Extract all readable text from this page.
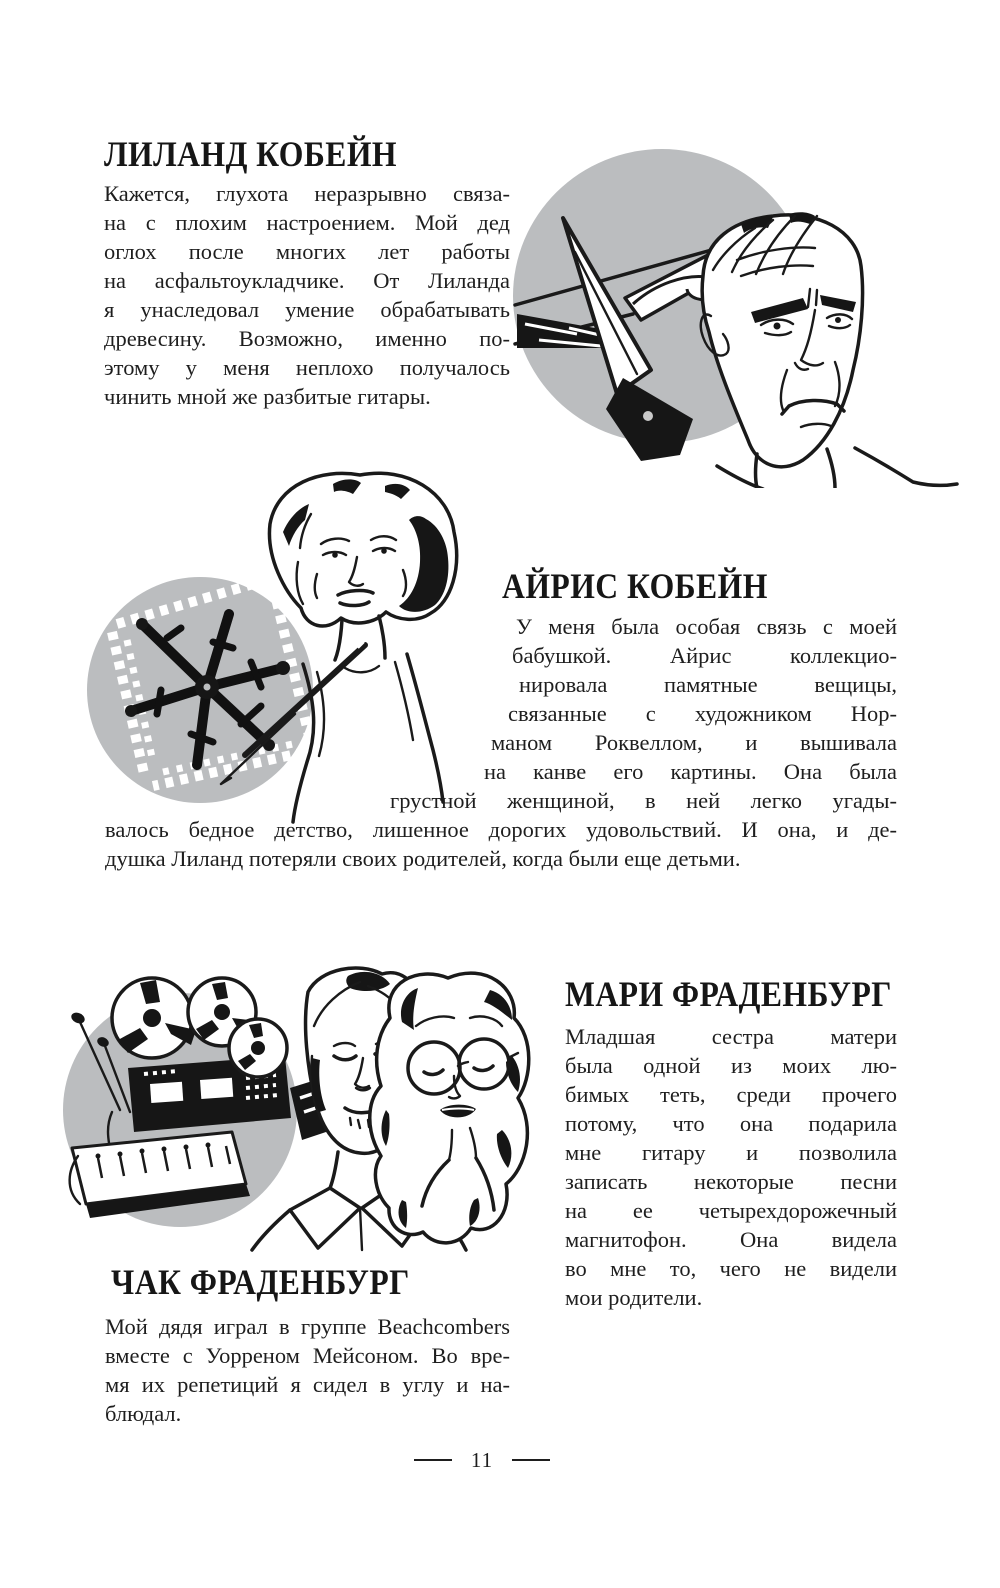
ЛИЛАНД КОБЕЙН
Кажется, глухота неразрывно связа-
на с плохим настроением. Мой дед
оглох после многих лет работы
на асфальтоукладчике. От Лиланда
я унаследовал умение обрабатывать
древесину. Возможно, именно по-
этому у меня неплохо получалось
чинить мной же разбитые гитары.
АЙРИС КОБЕЙН
У меня была особая связь с моей
бабушкой. Айрис коллекцио-
нировала памятные вещицы,
связанные с художником Нор-
маном Роквеллом, и вышивала
на канве его картины. Она была
грустной женщиной, в ней легко угады-
валось бедное детство, лишенное дорогих удовольствий. И она, и де-
душка Лиланд потеряли своих родителей, когда были еще детьми.
МАРИ ФРАДЕНБУРГ
Младшая сестра матери
была одной из моих лю-
бимых теть, среди прочего
потому, что она подарила
мне гитару и позволила
записать некоторые песни
на ее четырехдорожечный
магнитофон. Она видела
во мне то, чего не видели
мои родители.
ЧАК ФРАДЕНБУРГ
Мой дядя играл в группе Beachcombers
вместе с Уорреном Мейсоном. Во вре-
мя их репетиций я сидел в углу и на-
блюдал.
11
